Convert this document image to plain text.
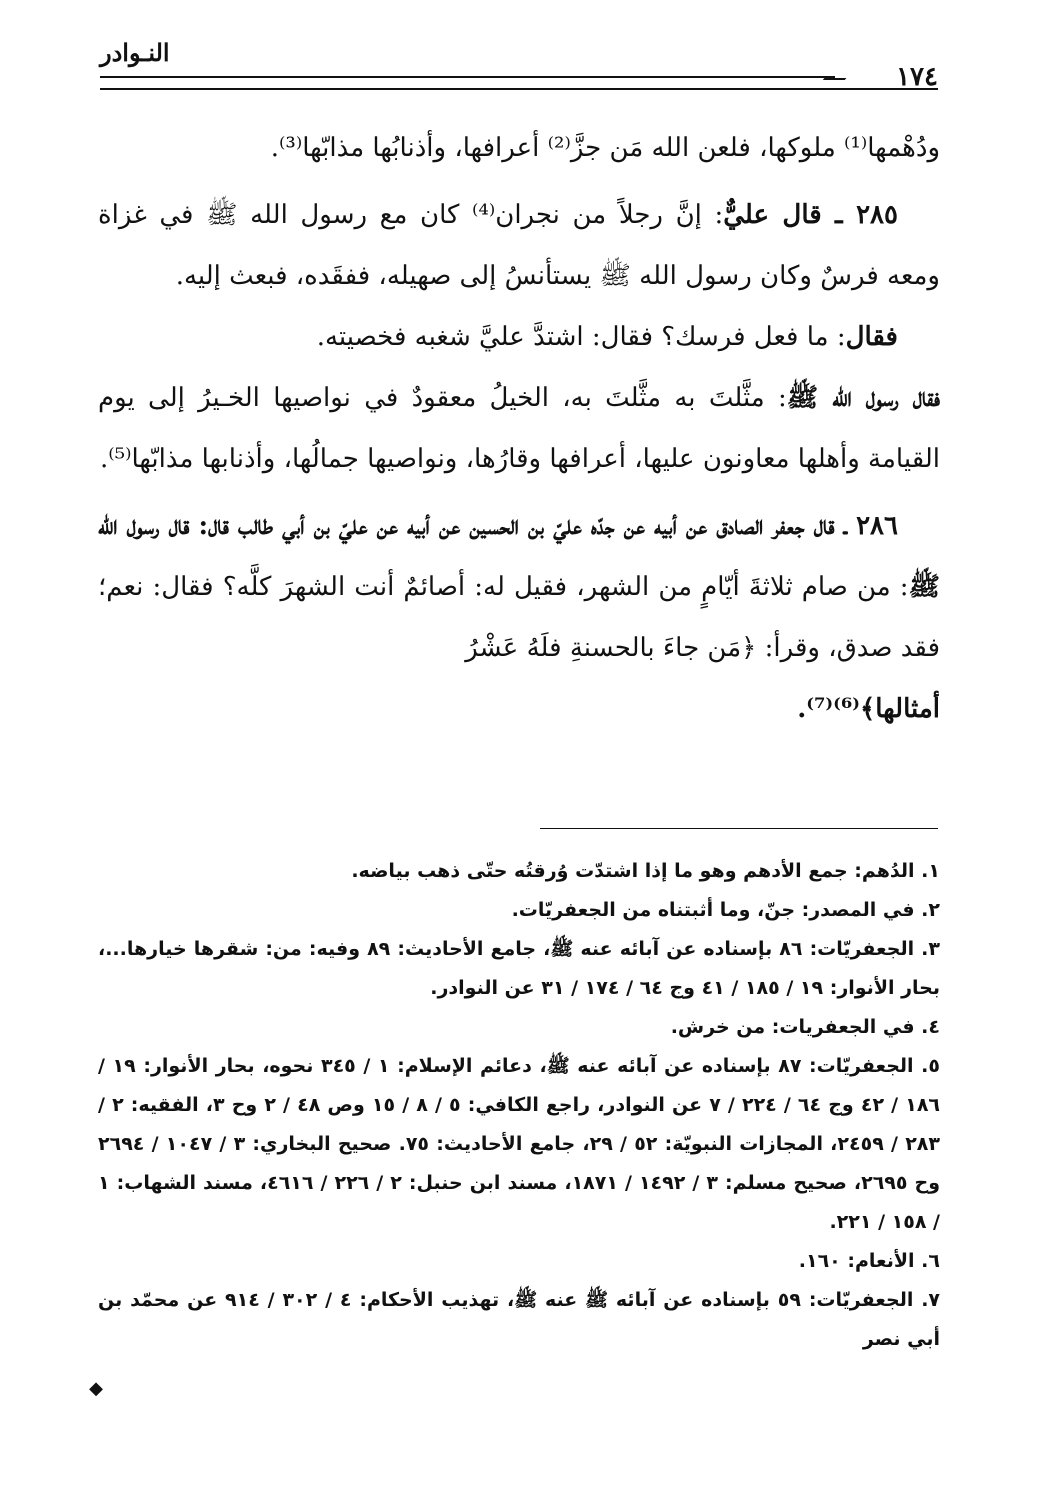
النـوادر
١٧٤

ودُهْمها⁽¹⁾ ملوكها، فلعن الله مَن جزَّ⁽²⁾ أعرافها، وأذنابُها مذابّها⁽³⁾.

٢٨٥ ـ قال عليٌّ: إنَّ رجلاً من نجران⁽⁴⁾ كان مع رسول الله ﷺ في غزاة ومعه فرسٌ وكان رسول الله ﷺ يستأنسُ إلى صهيله، ففقَده، فبعث إليه.

فقال: ما فعل فرسك؟ فقال: اشتدَّ عليَّ شغبه فخصيته.

فقال رسول الله ﷺ: مثَّلتَ به مثَّلتَ به، الخيلُ معقودٌ في نواصيها الخـيرُ إلى يوم القيامة وأهلها معاونون عليها، أعرافها وقارُها، ونواصيها جمالُها، وأذنابها مذابّها⁽⁵⁾.

٢٨٦ ـ قال جعفر الصادق عن أبيه عن جدّه عليّ بن الحسين عن أبيه عن عليّ بن أبي طالب قال: قال رسول الله ﷺ: من صام ثلاثةَ أيّامٍ من الشهر، فقيل له: أصائمٌ أنت الشهرَ كلَّه؟ فقال: نعم؛ فقد صدق، وقرأ: ﴿مَن جاءَ بالحسنةِ فلَهُ عَشْرُ
أمثالها﴾⁽⁶⁾⁽⁷⁾.

١. الدُهم: جمع الأدهم وهو ما إذا اشتدّت وُرقتُه حتّى ذهب بياضه.

٢. في المصدر: جنّ، وما أثبتناه من الجعفريّات.

٣. الجعفريّات: ٨٦ بإسناده عن آبائه عنه ﷺ، جامع الأحاديث: ٨٩ وفيه: من: شقرها خيارها...، بحار الأنوار: ١٩ / ١٨٥ / ٤١ وج ٦٤ / ١٧٤ / ٣١ عن النوادر.

٤. في الجعفريات: من خرش.

٥. الجعفريّات: ٨٧ بإسناده عن آبائه عنه ﷺ، دعائم الإسلام: ١ / ٣٤٥ نحوه، بحار الأنوار: ١٩ / ١٨٦ / ٤٢ وج ٦٤ / ٢٢٤ / ٧ عن النوادر، راجع الكافي: ٥ / ٨ / ١٥ وص ٤٨ / ٢ وح ٣، الفقيه: ٢ / ٢٨٣ / ٢٤٥٩، المجازات النبويّة: ٥٢ / ٢٩، جامع الأحاديث: ٧٥. صحيح البخاري: ٣ / ١٠٤٧ / ٢٦٩٤ وح ٢٦٩٥، صحيح مسلم: ٣ / ١٤٩٢ / ١٨٧١، مسند ابن حنبل: ٢ / ٢٢٦ / ٤٦١٦، مسند الشهاب: ١ / ١٥٨ / ٢٢١.

٦. الأنعام: ١٦٠.

٧. الجعفريّات: ٥٩ بإسناده عن آبائه ﷺ عنه ﷺ، تهذيب الأحكام: ٤ / ٣٠٢ / ٩١٤ عن محمّد بن أبي نصر

◆
